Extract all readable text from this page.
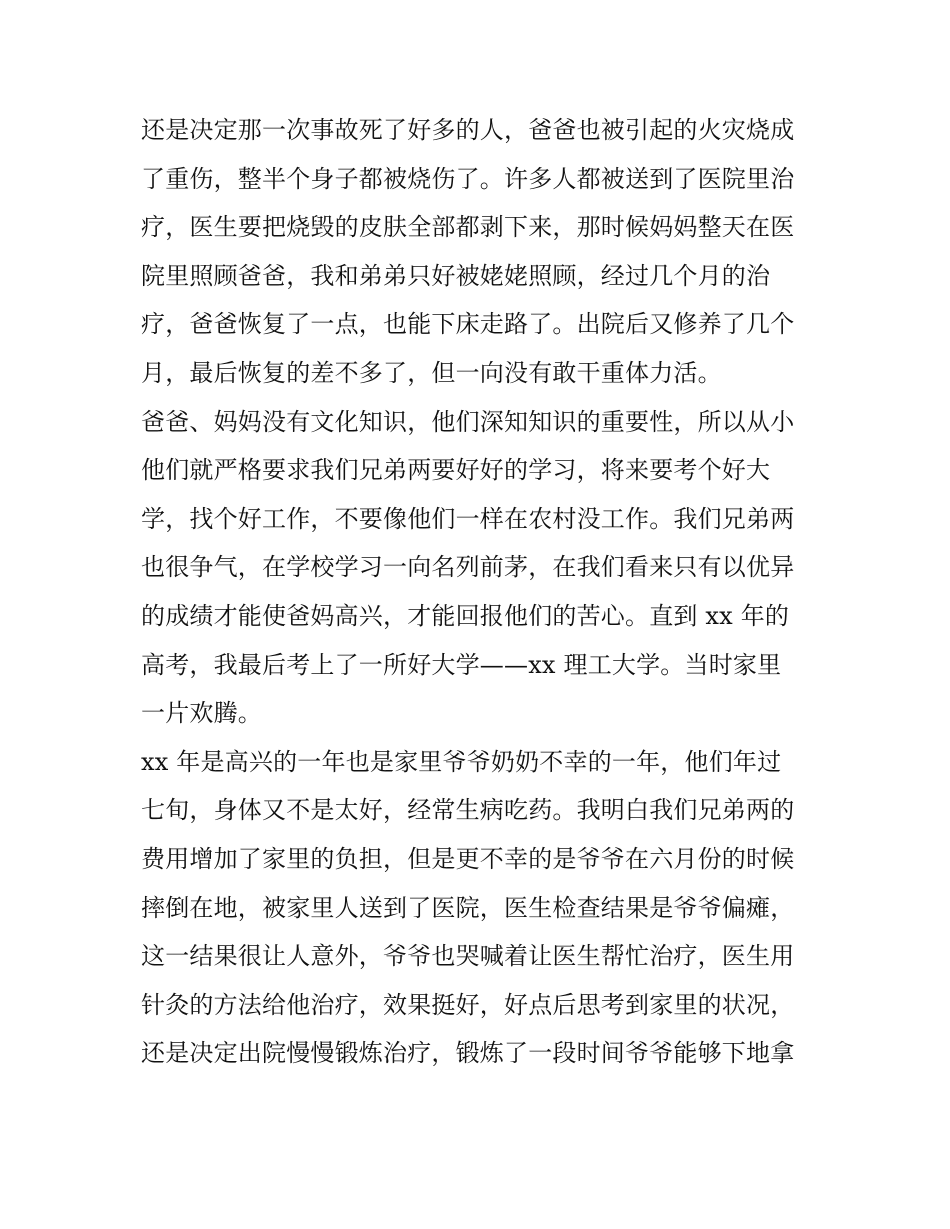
还是决定那一次事故死了好多的人，爸爸也被引起的火灾烧成
了重伤，整半个身子都被烧伤了。许多人都被送到了医院里治
疗，医生要把烧毁的皮肤全部都剥下来，那时候妈妈整天在医
院里照顾爸爸，我和弟弟只好被姥姥照顾，经过几个月的治
疗，爸爸恢复了一点，也能下床走路了。出院后又修养了几个
月，最后恢复的差不多了，但一向没有敢干重体力活。
爸爸、妈妈没有文化知识，他们深知知识的重要性，所以从小
他们就严格要求我们兄弟两要好好的学习，将来要考个好大
学，找个好工作，不要像他们一样在农村没工作。我们兄弟两
也很争气，在学校学习一向名列前茅，在我们看来只有以优异
的成绩才能使爸妈高兴，才能回报他们的苦心。直到 xx 年的
高考，我最后考上了一所好大学——xx 理工大学。当时家里
一片欢腾。
xx 年是高兴的一年也是家里爷爷奶奶不幸的一年，他们年过
七旬，身体又不是太好，经常生病吃药。我明白我们兄弟两的
费用增加了家里的负担，但是更不幸的是爷爷在六月份的时候
摔倒在地，被家里人送到了医院，医生检查结果是爷爷偏瘫，
这一结果很让人意外，爷爷也哭喊着让医生帮忙治疗，医生用
针灸的方法给他治疗，效果挺好，好点后思考到家里的状况，
还是决定出院慢慢锻炼治疗，锻炼了一段时间爷爷能够下地拿
